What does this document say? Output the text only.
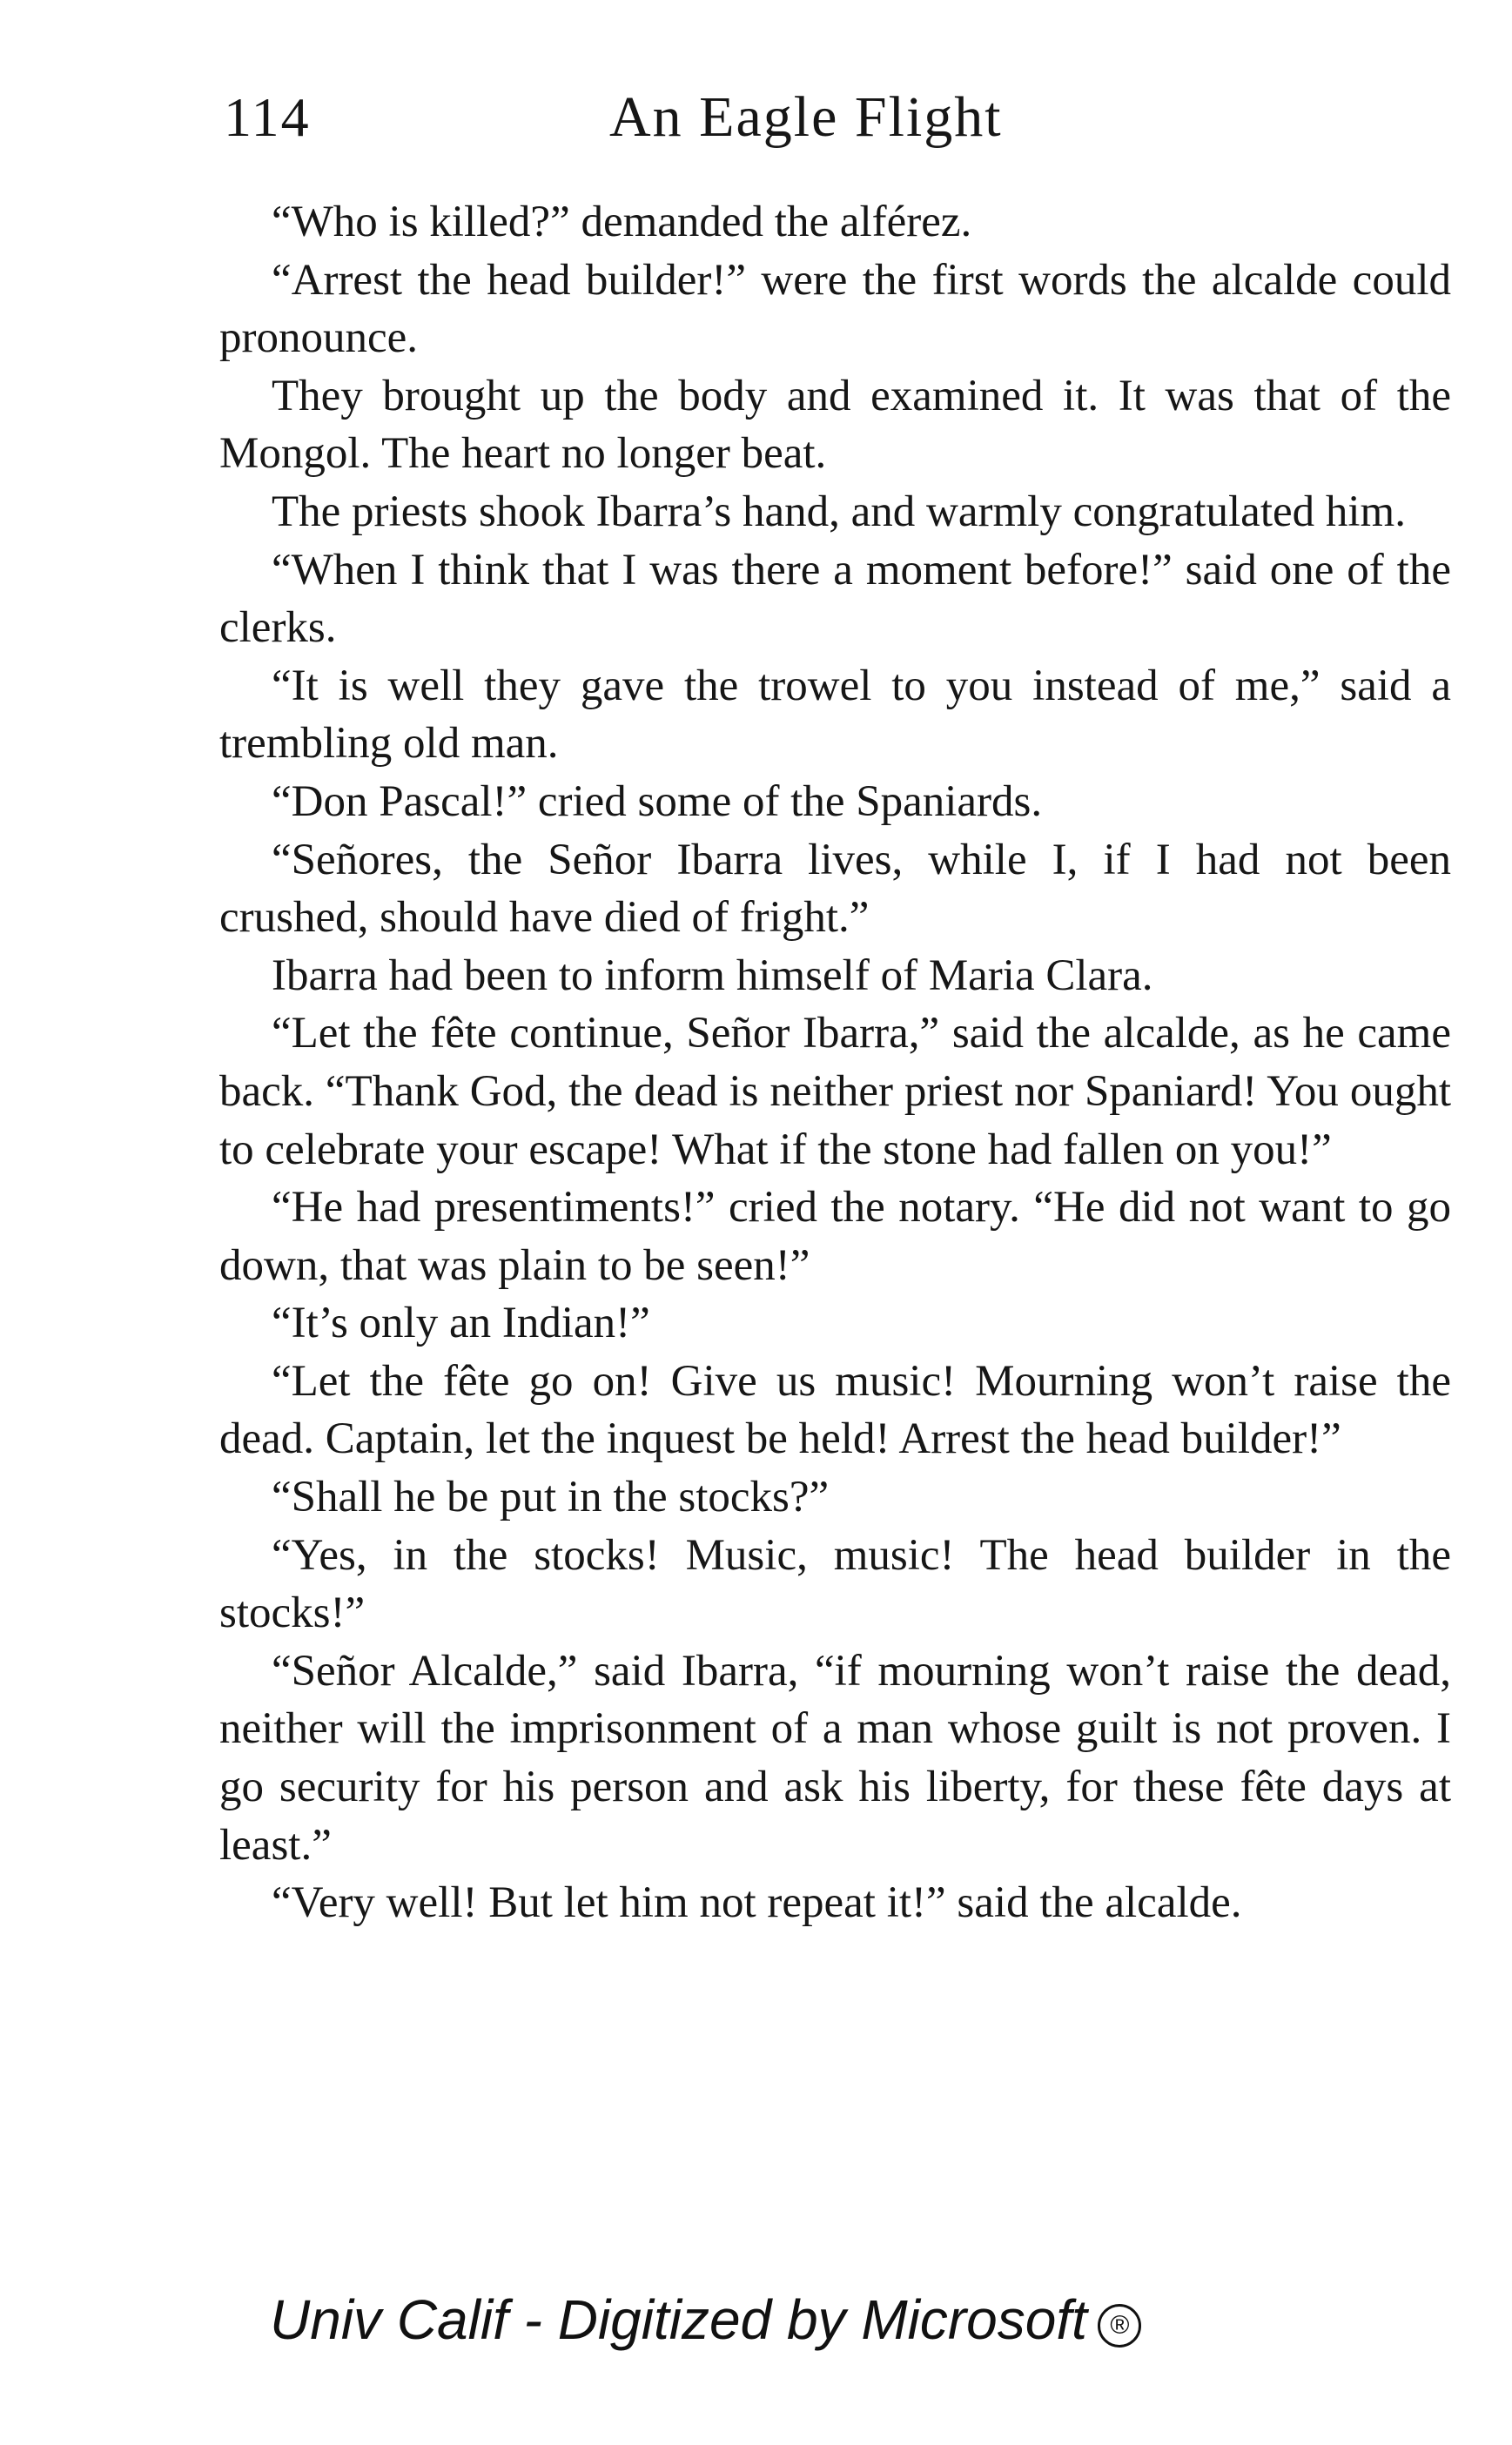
114	An Eagle Flight

“Who is killed?” demanded the alférez.

“Arrest the head builder!” were the first words the alcalde could pronounce.

They brought up the body and examined it. It was that of the Mongol. The heart no longer beat.

The priests shook Ibarra’s hand, and warmly congratulated him.

“When I think that I was there a moment before!” said one of the clerks.

“It is well they gave the trowel to you instead of me,” said a trembling old man.

“Don Pascal!” cried some of the Spaniards.

“Señores, the Señor Ibarra lives, while I, if I had not been crushed, should have died of fright.”

Ibarra had been to inform himself of Maria Clara.

“Let the fête continue, Señor Ibarra,” said the alcalde, as he came back. “Thank God, the dead is neither priest nor Spaniard! You ought to celebrate your escape! What if the stone had fallen on you!”

“He had presentiments!” cried the notary. “He did not want to go down, that was plain to be seen!”

“It’s only an Indian!”

“Let the fête go on! Give us music! Mourning won’t raise the dead. Captain, let the inquest be held! Arrest the head builder!”

“Shall he be put in the stocks?”

“Yes, in the stocks! Music, music! The head builder in the stocks!”

“Señor Alcalde,” said Ibarra, “if mourning won’t raise the dead, neither will the imprisonment of a man whose guilt is not proven. I go security for his person and ask his liberty, for these fête days at least.”

“Very well! But let him not repeat it!” said the alcalde.

Univ Calif - Digitized by Microsoft ®
